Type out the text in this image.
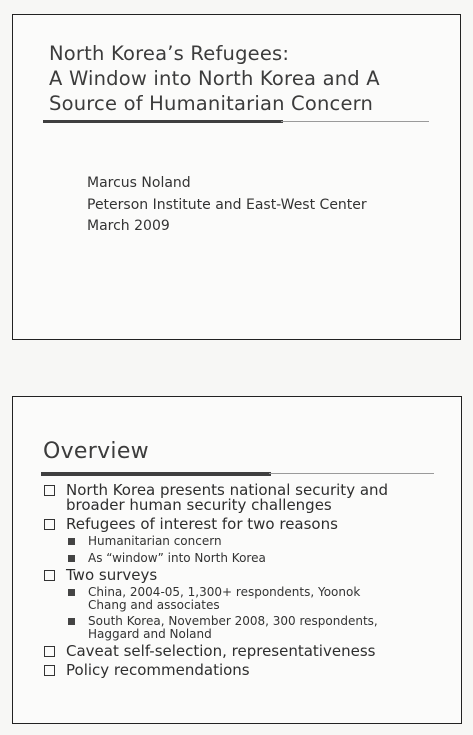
North Korea’s Refugees:
A Window into North Korea and A
Source of Humanitarian Concern
Marcus Noland
Peterson Institute and East-West Center
March 2009
Overview
North Korea presents national security and
broader human security challenges
Refugees of interest for two reasons
Humanitarian concern
As “window” into North Korea
Two surveys
China, 2004-05, 1,300+ respondents, Yoonok
Chang and associates
South Korea, November 2008, 300 respondents,
Haggard and Noland
Caveat self-selection, representativeness
Policy recommendations
